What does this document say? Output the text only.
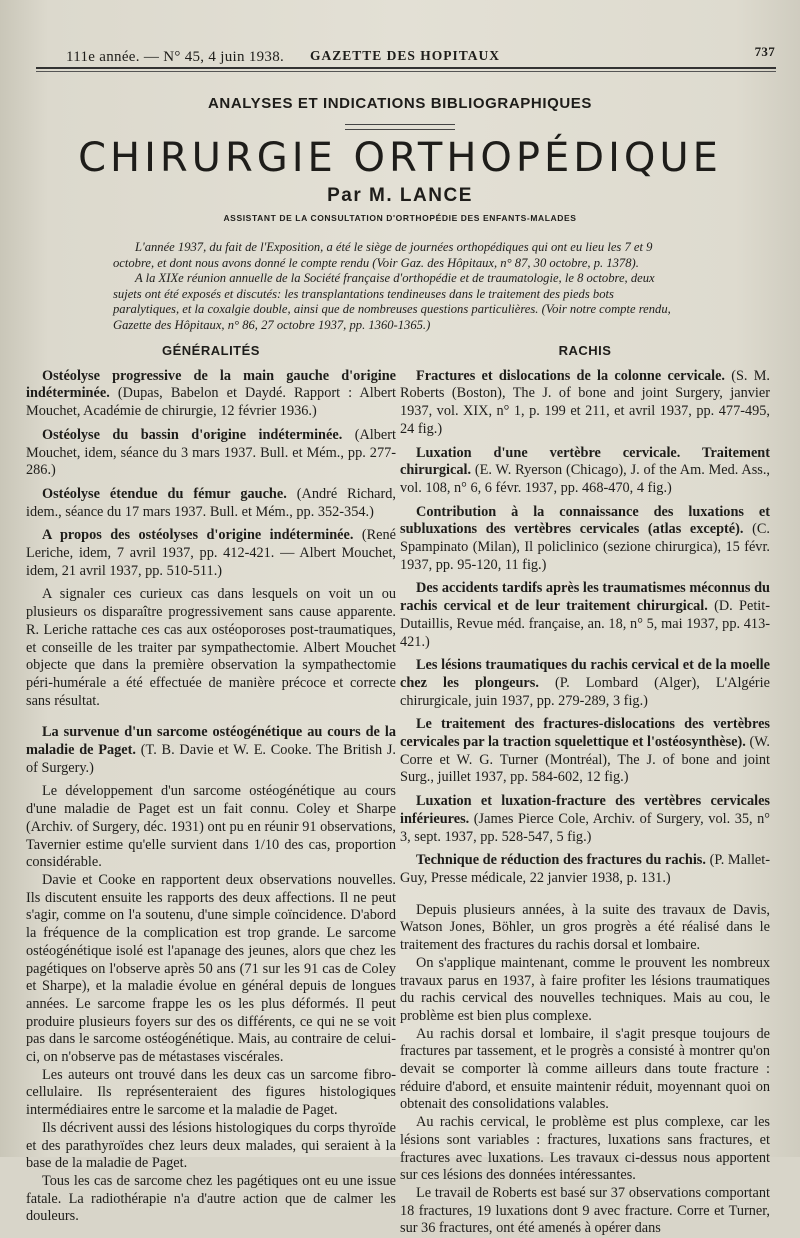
111e année. — N° 45, 4 juin 1938. GAZETTE DES HOPITAUX	737
ANALYSES ET INDICATIONS BIBLIOGRAPHIQUES
CHIRURGIE ORTHOPÉDIQUE
Par M. LANCE
ASSISTANT DE LA CONSULTATION D'ORTHOPÉDIE DES ENFANTS-MALADES

L'année 1937, du fait de l'Exposition, a été le siège de journées orthopédiques qui ont eu lieu les 7 et 9 octobre, et dont nous avons donné le compte rendu (Voir Gaz. des Hôpitaux, n° 87, 30 octobre, p. 1378).

A la XIXe réunion annuelle de la Société française d'orthopédie et de traumatologie, le 8 octobre, deux sujets ont été exposés et discutés: les transplantations tendineuses dans le traitement des pieds bots paralytiques, et la coxalgie double, ainsi que de nombreuses questions particulières. (Voir notre compte rendu, Gazette des Hôpitaux, n° 86, 27 octobre 1937, pp. 1360-1365.)

GÉNÉRALITÉS

Ostéolyse progressive de la main gauche d'origine indéterminée. (Dupas, Babelon et Daydé. Rapport : Albert Mouchet, Académie de chirurgie, 12 février 1936.)

Ostéolyse du bassin d'origine indéterminée. (Albert Mouchet, idem, séance du 3 mars 1937. Bull. et Mém., pp. 277-286.)

Ostéolyse étendue du fémur gauche. (André Richard, idem., séance du 17 mars 1937. Bull. et Mém., pp. 352-354.)

A propos des ostéolyses d'origine indéterminée. (René Leriche, idem, 7 avril 1937, pp. 412-421. — Albert Mouchet, idem, 21 avril 1937, pp. 510-511.)

A signaler ces curieux cas dans lesquels on voit un ou plusieurs os disparaître progressivement sans cause apparente. R. Leriche rattache ces cas aux ostéoporoses post-traumatiques, et conseille de les traiter par sympathectomie. Albert Mouchet objecte que dans la première observation la sympathectomie péri-humérale a été effectuée de manière précoce et correcte sans résultat.

La survenue d'un sarcome ostéogénétique au cours de la maladie de Paget. (T. B. Davie et W. E. Cooke. The British J. of Surgery.)

Le développement d'un sarcome ostéogénétique au cours d'une maladie de Paget est un fait connu. Coley et Sharpe (Archiv. of Surgery, déc. 1931) ont pu en réunir 91 observations, Tavernier estime qu'elle survient dans 1/10 des cas, proportion considérable.

Davie et Cooke en rapportent deux observations nouvelles. Ils discutent ensuite les rapports des deux affections. Il ne peut s'agir, comme on l'a soutenu, d'une simple coïncidence. D'abord la fréquence de la complication est trop grande. Le sarcome ostéogénétique isolé est l'apanage des jeunes, alors que chez les pagétiques on l'observe après 50 ans (71 sur les 91 cas de Coley et Sharpe), et la maladie évolue en général depuis de longues années. Le sarcome frappe les os les plus déformés. Il peut produire plusieurs foyers sur des os différents, ce qui ne se voit pas dans le sarcome ostéogénétique. Mais, au contraire de celui-ci, on n'observe pas de métastases viscérales.

Les auteurs ont trouvé dans les deux cas un sarcome fibro-cellulaire. Ils représenteraient des figures histologiques intermédiaires entre le sarcome et la maladie de Paget.

Ils décrivent aussi des lésions histologiques du corps thyroïde et des parathyroïdes chez leurs deux malades, qui seraient à la base de la maladie de Paget.

Tous les cas de sarcome chez les pagétiques ont eu une issue fatale. La radiothérapie n'a d'autre action que de calmer les douleurs.

RACHIS

Fractures et dislocations de la colonne cervicale. (S. M. Roberts (Boston), The J. of bone and joint Surgery, janvier 1937, vol. XIX, n° 1, p. 199 et 211, et avril 1937, pp. 477-495, 24 fig.)

Luxation d'une vertèbre cervicale. Traitement chirurgical. (E. W. Ryerson (Chicago), J. of the Am. Med. Ass., vol. 108, n° 6, 6 févr. 1937, pp. 468-470, 4 fig.)

Contribution à la connaissance des luxations et subluxations des vertèbres cervicales (atlas excepté). (C. Spampinato (Milan), Il policlinico (sezione chirurgica), 15 févr. 1937, pp. 95-120, 11 fig.)

Des accidents tardifs après les traumatismes méconnus du rachis cervical et de leur traitement chirurgical. (D. Petit-Dutaillis, Revue méd. française, an. 18, n° 5, mai 1937, pp. 413-421.)

Les lésions traumatiques du rachis cervical et de la moelle chez les plongeurs. (P. Lombard (Alger), L'Algérie chirurgicale, juin 1937, pp. 279-289, 3 fig.)

Le traitement des fractures-dislocations des vertèbres cervicales par la traction squelettique et l'ostéosynthèse). (W. Corre et W. G. Turner (Montréal), The J. of bone and joint Surg., juillet 1937, pp. 584-602, 12 fig.)

Luxation et luxation-fracture des vertèbres cervicales inférieures. (James Pierce Cole, Archiv. of Surgery, vol. 35, n° 3, sept. 1937, pp. 528-547, 5 fig.)

Technique de réduction des fractures du rachis. (P. Mallet-Guy, Presse médicale, 22 janvier 1938, p. 131.)

Depuis plusieurs années, à la suite des travaux de Davis, Watson Jones, Böhler, un gros progrès a été réalisé dans le traitement des fractures du rachis dorsal et lombaire.

On s'applique maintenant, comme le prouvent les nombreux travaux parus en 1937, à faire profiter les lésions traumatiques du rachis cervical des nouvelles techniques. Mais au cou, le problème est bien plus complexe.

Au rachis dorsal et lombaire, il s'agit presque toujours de fractures par tassement, et le progrès a consisté à montrer qu'on devait se comporter là comme ailleurs dans toute fracture : réduire d'abord, et ensuite maintenir réduit, moyennant quoi on obtenait des consolidations valables.

Au rachis cervical, le problème est plus complexe, car les lésions sont variables : fractures, luxations sans fractures, et fractures avec luxations. Les travaux ci-dessus nous apportent sur ces lésions des données intéressantes.

Le travail de Roberts est basé sur 37 observations comportant 18 fractures, 19 luxations dont 9 avec fracture. Corre et Turner, sur 36 fractures, ont été amenés à opérer dans
